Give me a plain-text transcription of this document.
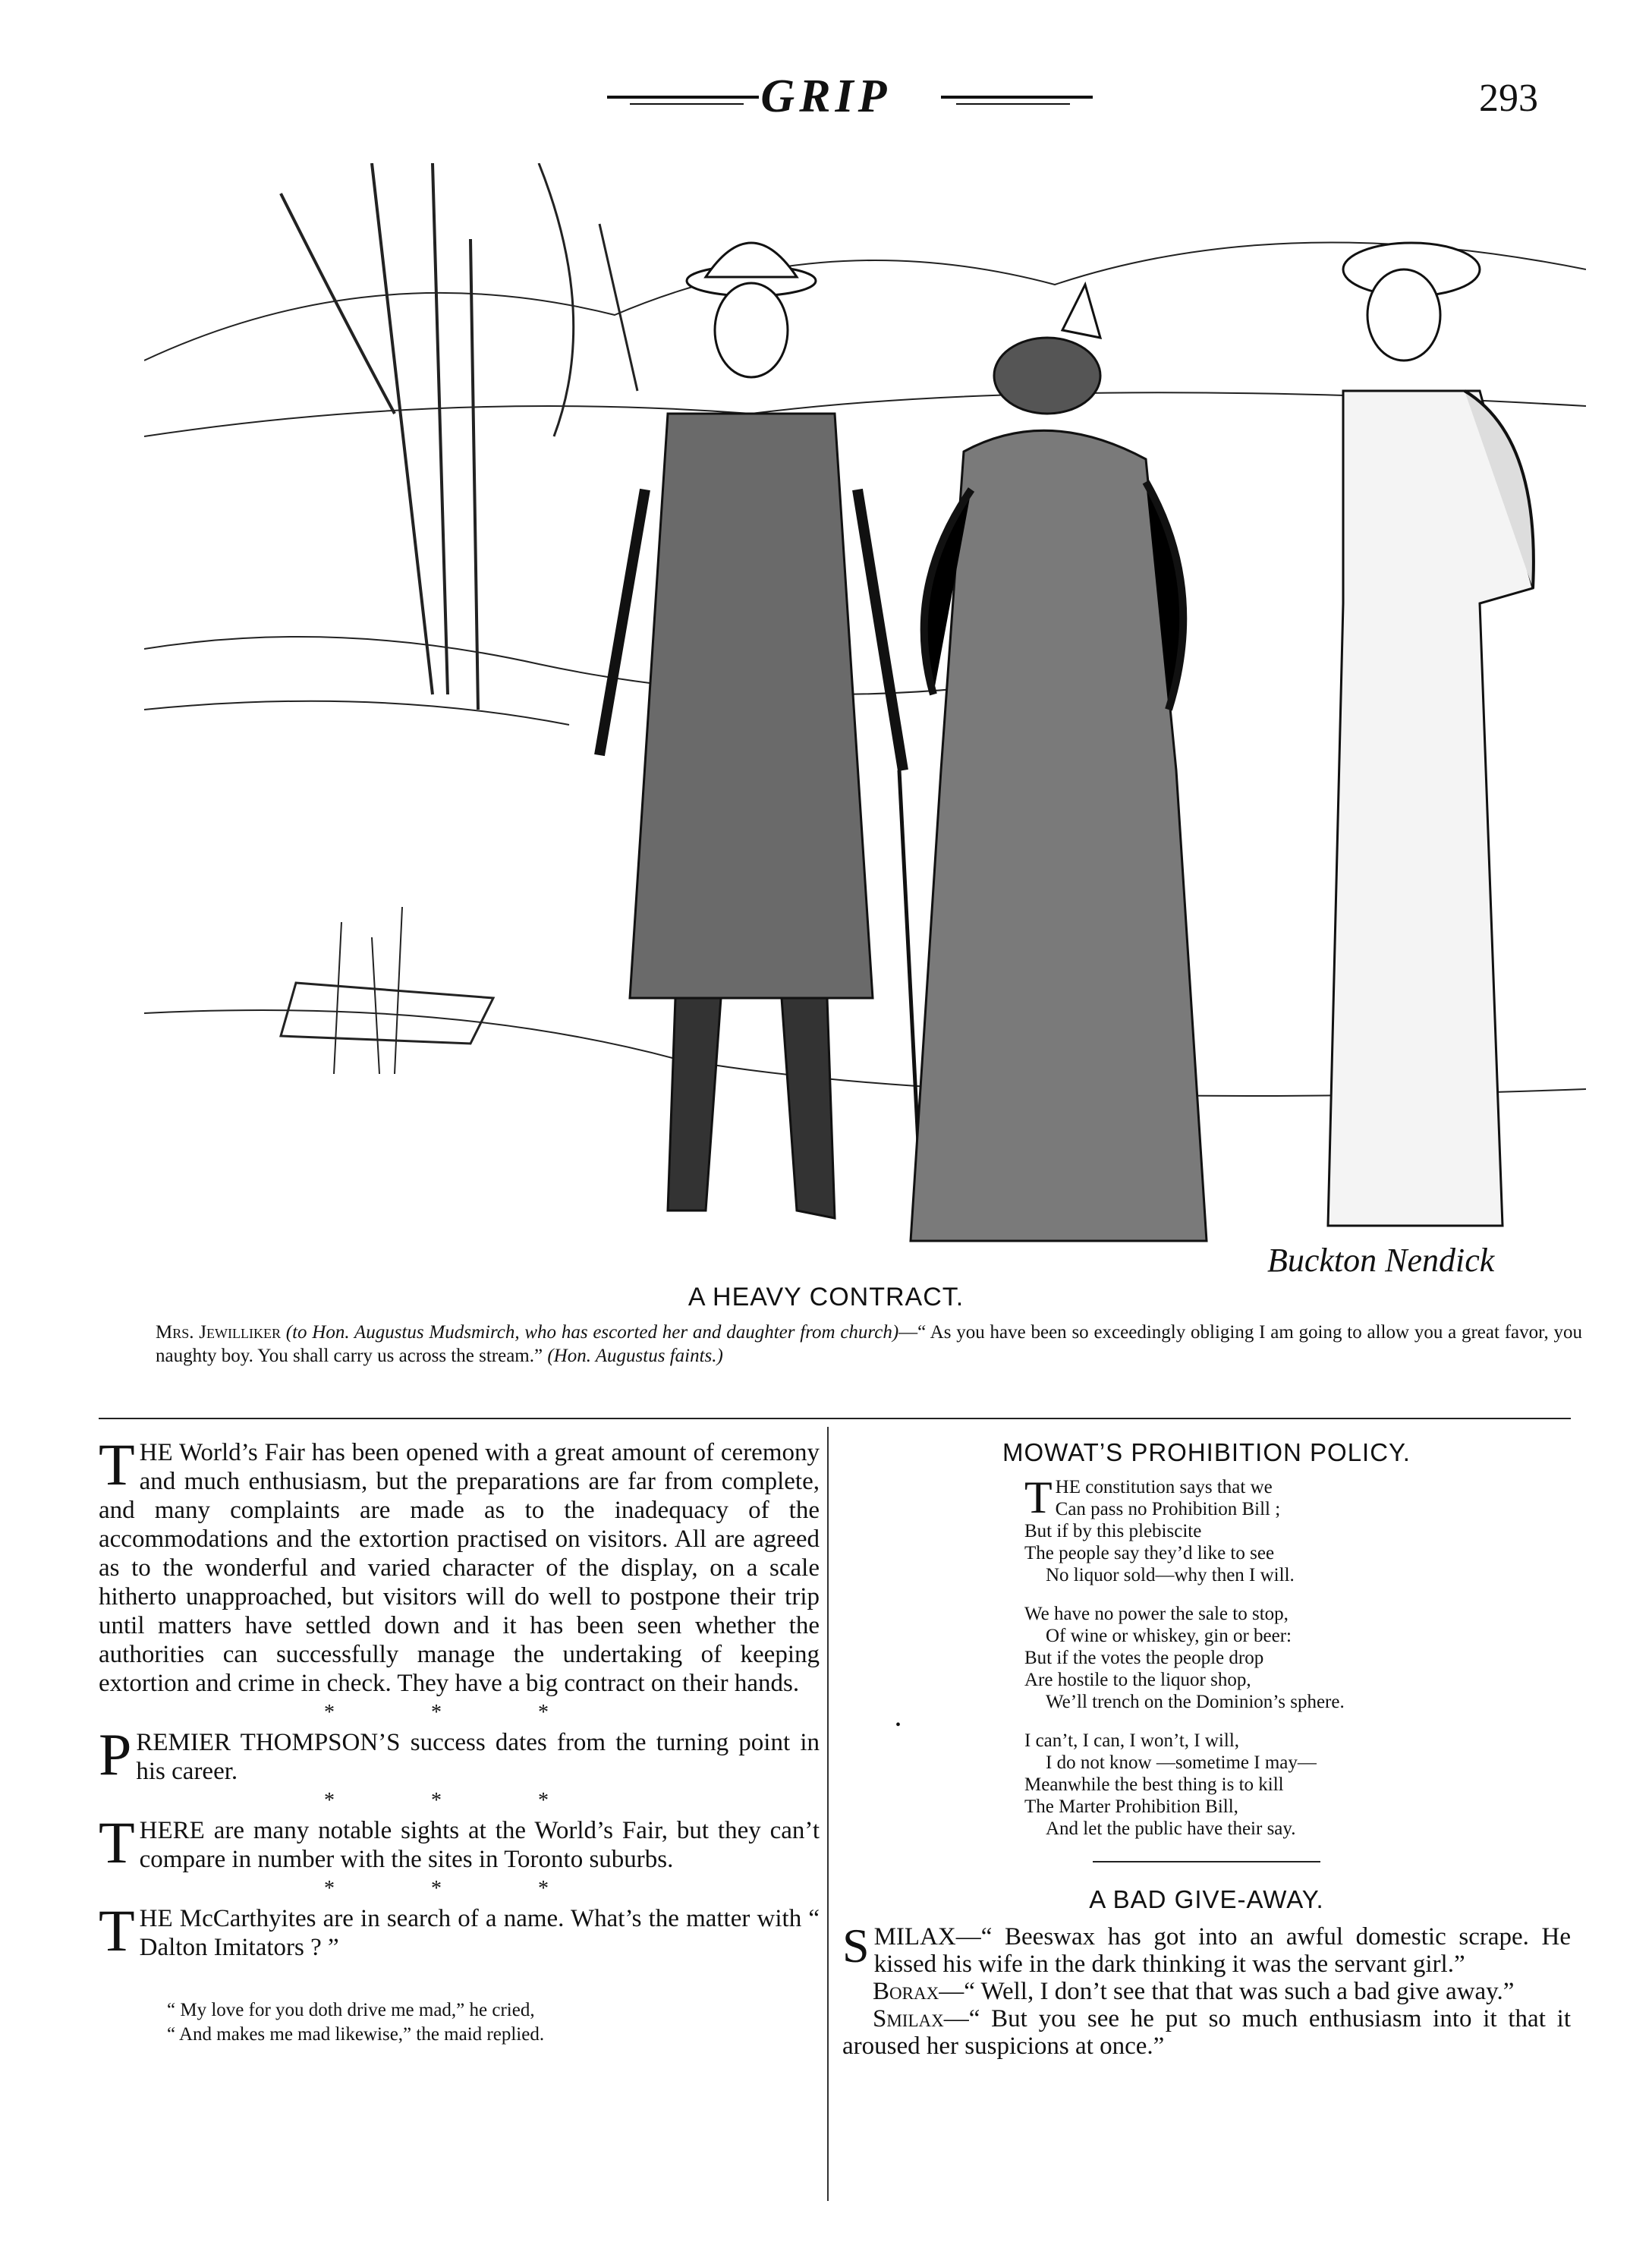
GRIP	293
Buckton Nendick
A HEAVY CONTRACT.
Mrs. Jewilliker (to Hon. Augustus Mudsmirch, who has escorted her and daughter from church)—“ As you have been so exceedingly obliging I am going to allow you a great favor, you naughty boy. You shall carry us across the stream.” (Hon. Augustus faints.)

THE World’s Fair has been opened with a great amount of ceremony and much enthusiasm, but the preparations are far from complete, and many complaints are made as to the inadequacy of the accommodations and the extortion practised on visitors. All are agreed as to the wonderful and varied character of the display, on a scale hitherto unapproached, but visitors will do well to postpone their trip until matters have settled down and it has been seen whether the authorities can successfully manage the undertaking of keeping extortion and crime in check. They have a big contract on their hands.

* * *

PREMIER THOMPSON’S success dates from the turning point in his career.

* * *

THERE are many notable sights at the World’s Fair, but they can’t compare in number with the sites in Toronto suburbs.

* * *

THE McCarthyites are in search of a name. What’s the matter with “ Dalton Imitators ? ”

“ My love for you doth drive me mad,” he cried,
“ And makes me mad likewise,” the maid replied.
MOWAT’S PROHIBITION POLICY.
T HE constitution says that we
Can pass no Prohibition Bill ;
But if by this plebiscite
The people say they’d like to see
No liquor sold—why then I will.
We have no power the sale to stop,
Of wine or whiskey, gin or beer:
But if the votes the people drop
Are hostile to the liquor shop,
We’ll trench on the Dominion’s sphere.
I can’t, I can, I won’t, I will,
I do not know —sometime I may—
Meanwhile the best thing is to kill
The Marter Prohibition Bill,
And let the public have their say.
A BAD GIVE-AWAY.

SMILAX—“ Beeswax has got into an awful domestic scrape. He kissed his wife in the dark thinking it was the servant girl.”

Borax—“ Well, I don’t see that that was such a bad give away.”

Smilax—“ But you see he put so much enthusiasm into it that it aroused her suspicions at once.”

•
